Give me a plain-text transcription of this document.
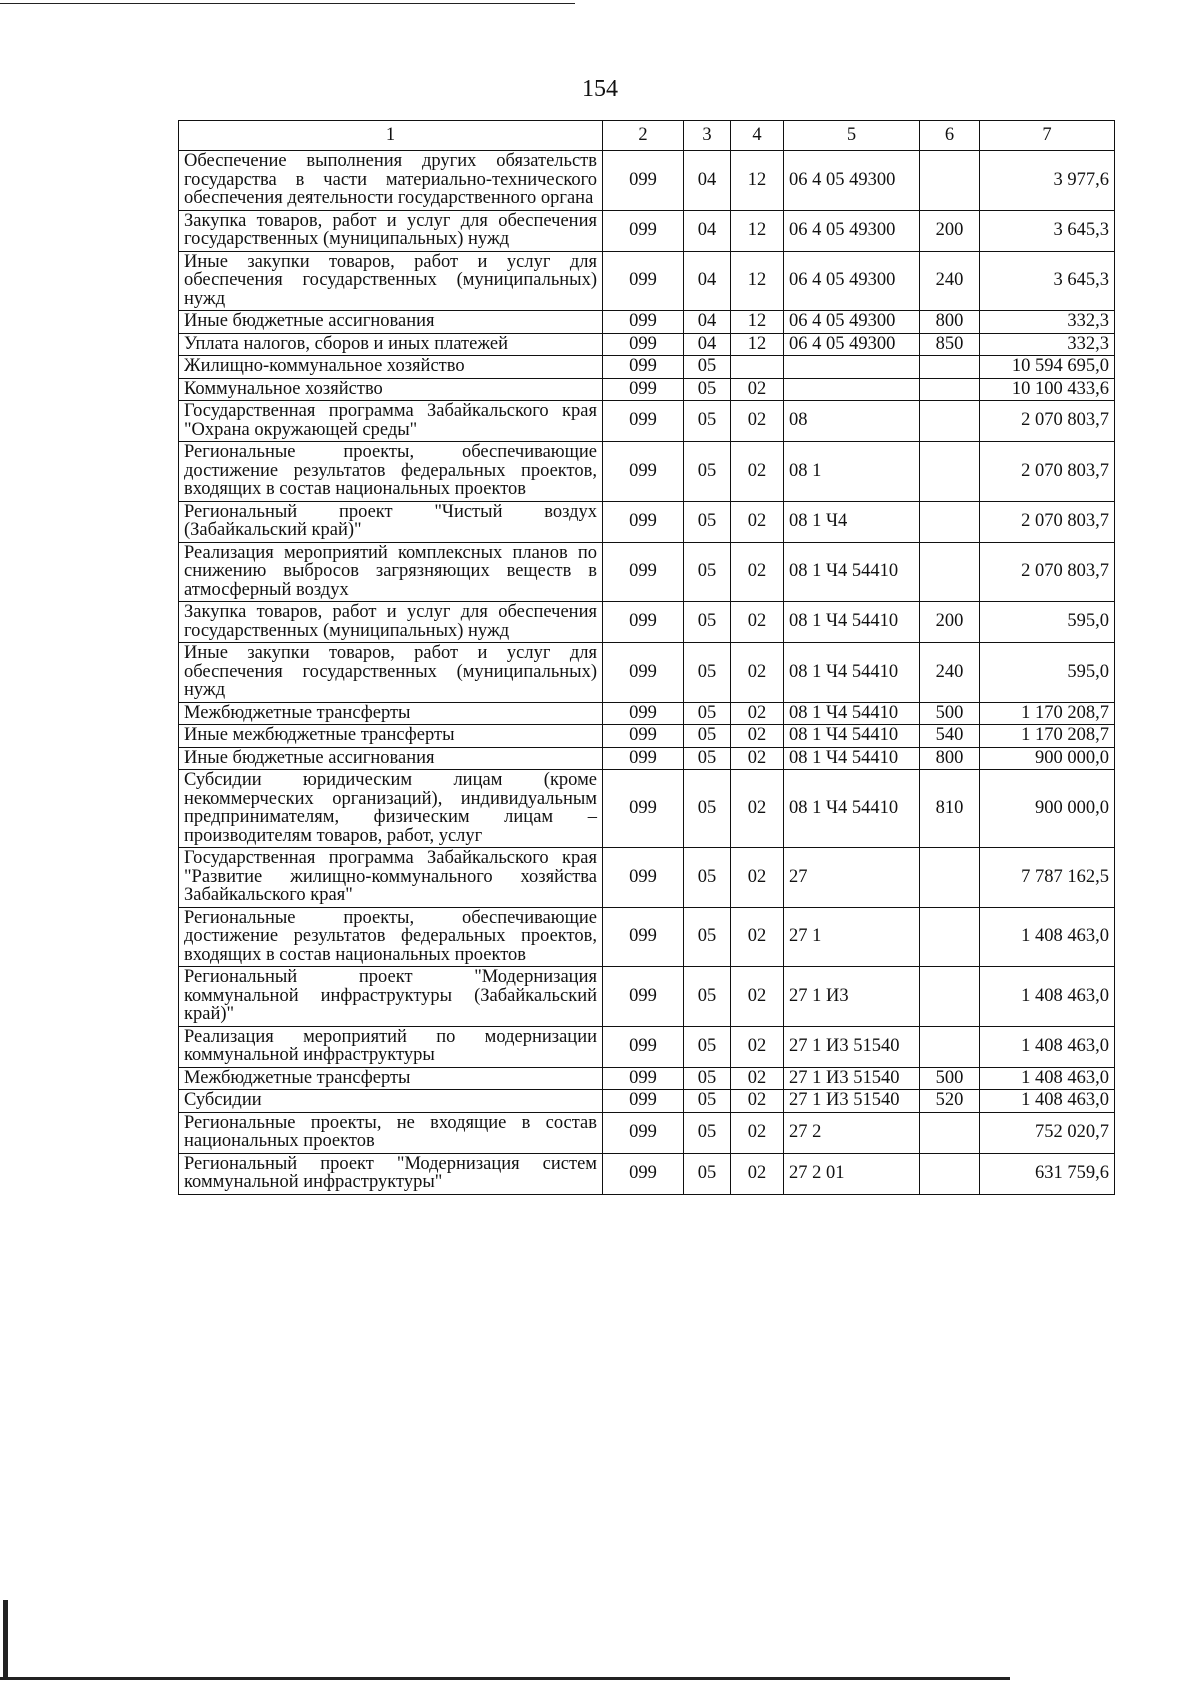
154
1	2	3	4	5	6	7
Обеспечение выполнения других обязательств государства в части материально-технического обеспечения деятельности государственного органа	099	04	12	06 4 05 49300		3 977,6
Закупка товаров, работ и услуг для обеспечения государственных (муниципальных) нужд	099	04	12	06 4 05 49300	200	3 645,3
Иные закупки товаров, работ и услуг для обеспечения государственных (муниципальных) нужд	099	04	12	06 4 05 49300	240	3 645,3
Иные бюджетные ассигнования	099	04	12	06 4 05 49300	800	332,3
Уплата налогов, сборов и иных платежей	099	04	12	06 4 05 49300	850	332,3
Жилищно-коммунальное хозяйство	099	05				10 594 695,0
Коммунальное хозяйство	099	05	02			10 100 433,6
Государственная программа Забайкальского края "Охрана окружающей среды"	099	05	02	08		2 070 803,7
Региональные проекты, обеспечивающие достижение результатов федеральных проектов, входящих в состав национальных проектов	099	05	02	08 1		2 070 803,7
Региональный проект "Чистый воздух (Забайкальский край)"	099	05	02	08 1 Ч4		2 070 803,7
Реализация мероприятий комплексных планов по снижению выбросов загрязняющих веществ в атмосферный воздух	099	05	02	08 1 Ч4 54410		2 070 803,7
Закупка товаров, работ и услуг для обеспечения государственных (муниципальных) нужд	099	05	02	08 1 Ч4 54410	200	595,0
Иные закупки товаров, работ и услуг для обеспечения государственных (муниципальных) нужд	099	05	02	08 1 Ч4 54410	240	595,0
Межбюджетные трансферты	099	05	02	08 1 Ч4 54410	500	1 170 208,7
Иные межбюджетные трансферты	099	05	02	08 1 Ч4 54410	540	1 170 208,7
Иные бюджетные ассигнования	099	05	02	08 1 Ч4 54410	800	900 000,0
Субсидии юридическим лицам (кроме некоммерческих организаций), индивидуальным предпринимателям, физическим лицам – производителям товаров, работ, услуг	099	05	02	08 1 Ч4 54410	810	900 000,0
Государственная программа Забайкальского края "Развитие жилищно-коммунального хозяйства Забайкальского края"	099	05	02	27		7 787 162,5
Региональные проекты, обеспечивающие достижение результатов федеральных проектов, входящих в состав национальных проектов	099	05	02	27 1		1 408 463,0
Региональный проект "Модернизация коммунальной инфраструктуры (Забайкальский край)"	099	05	02	27 1 И3		1 408 463,0
Реализация мероприятий по модернизации коммунальной инфраструктуры	099	05	02	27 1 И3 51540		1 408 463,0
Межбюджетные трансферты	099	05	02	27 1 И3 51540	500	1 408 463,0
Субсидии	099	05	02	27 1 И3 51540	520	1 408 463,0
Региональные проекты, не входящие в состав национальных проектов	099	05	02	27 2		752 020,7
Региональный проект "Модернизация систем коммунальной инфраструктуры"	099	05	02	27 2 01		631 759,6
